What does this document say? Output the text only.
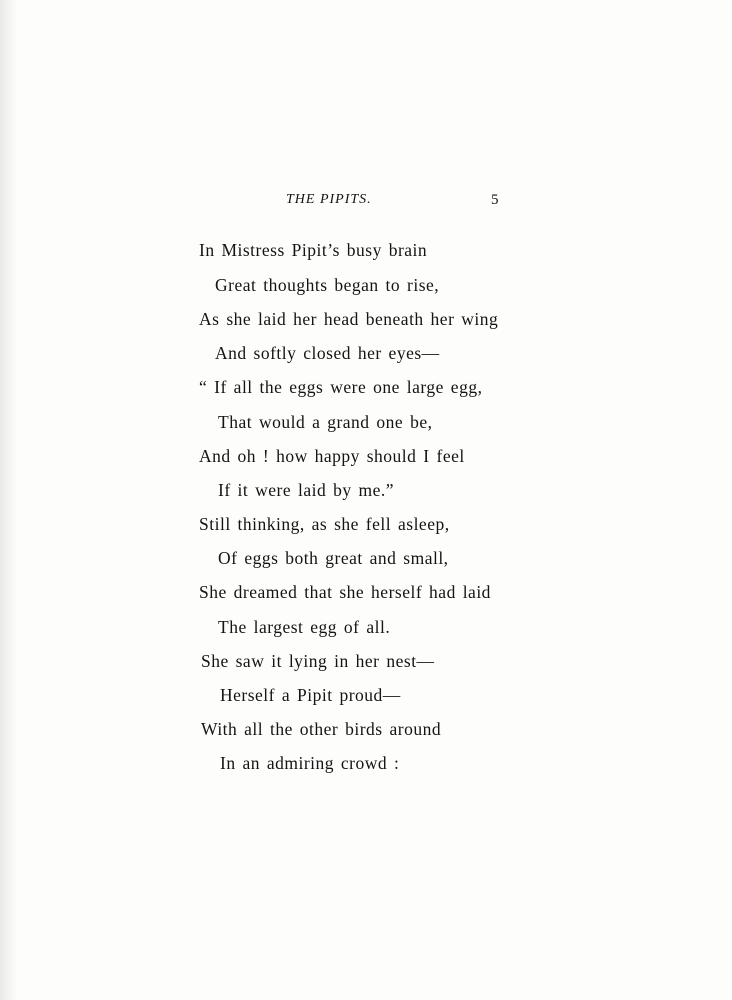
THE PIPITS.	5
In Mistress Pipit’s busy brain
Great thoughts began to rise,
As she laid her head beneath her wing
And softly closed her eyes—
“ If all the eggs were one large egg,
That would a grand one be,
And oh ! how happy should I feel
If it were laid by me.”
Still thinking, as she fell asleep,
Of eggs both great and small,
She dreamed that she herself had laid
The largest egg of all.
She saw it lying in her nest—
Herself a Pipit proud—
With all the other birds around
In an admiring crowd :
